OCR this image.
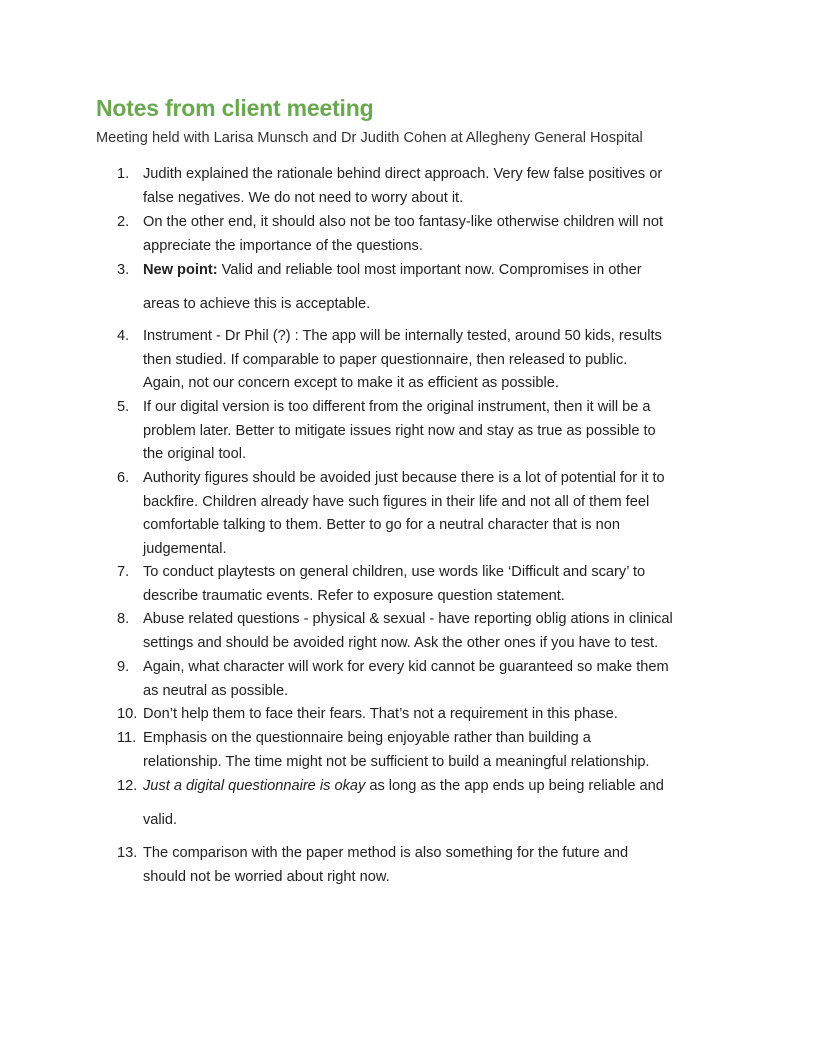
Notes from client meeting
Meeting held with Larisa Munsch and Dr Judith Cohen at Allegheny General Hospital
1. Judith explained the rationale behind direct approach. Very few false positives or
false negatives. We do not need to worry about it.
2. On the other end, it should also not be too fantasy-like otherwise children will not
appreciate the importance of the questions.
3. New point: Valid and reliable tool most important now. Compromises in other
areas to achieve this is acceptable.
4. Instrument - Dr Phil (?) : The app will be internally tested, around 50 kids, results
then studied. If comparable to paper questionnaire, then released to public.
Again, not our concern except to make it as efficient as possible.
5. If our digital version is too different from the original instrument, then it will be a
problem later. Better to mitigate issues right now and stay as true as possible to
the original tool.
6. Authority figures should be avoided just because there is a lot of potential for it to
backfire. Children already have such figures in their life and not all of them feel
comfortable talking to them. Better to go for a neutral character that is non
judgemental.
7. To conduct playtests on general children, use words like ‘Difficult and scary’ to
describe traumatic events. Refer to exposure question statement.
8. Abuse related questions - physical & sexual - have reporting oblig ations in clinical
settings and should be avoided right now. Ask the other ones if you have to test.
9. Again, what character will work for every kid cannot be guaranteed so make them
as neutral as possible.
10. Don’t help them to face their fears. That’s not a requirement in this phase.
11. Emphasis on the questionnaire being enjoyable rather than building a
relationship. The time might not be sufficient to build a meaningful relationship.
12. Just a digital questionnaire is okay as long as the app ends up being reliable and
valid.
13. The comparison with the paper method is also something for the future and
should not be worried about right now.
